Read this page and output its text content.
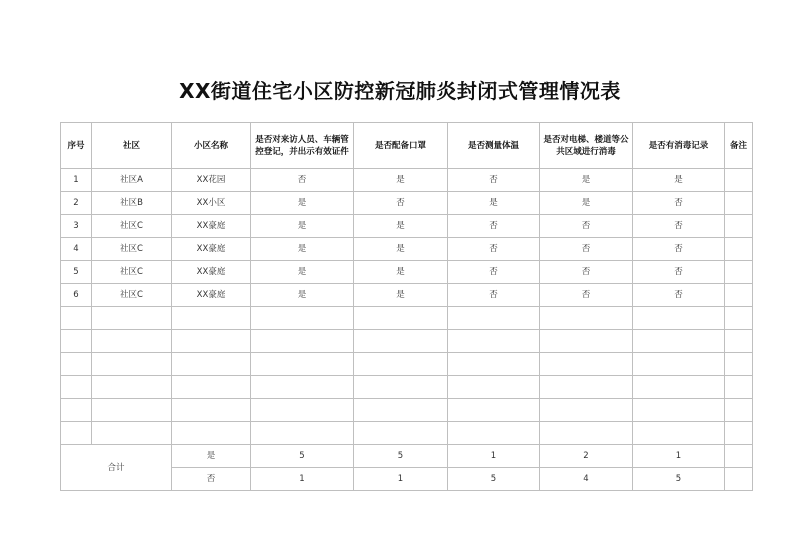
XX街道住宅小区防控新冠肺炎封闭式管理情况表
序号	社区	小区名称	是否对来访人员、车辆管控登记，并出示有效证件	是否配备口罩	是否测量体温	是否对电梯、楼道等公共区域进行消毒	是否有消毒记录	备注
1	社区A	XX花园	否	是	否	是	是	
2	社区B	XX小区	是	否	是	是	否	
3	社区C	XX豪庭	是	是	否	否	否	
4	社区C	XX豪庭	是	是	否	否	否	
5	社区C	XX豪庭	是	是	否	否	否	
6	社区C	XX豪庭	是	是	否	否	否	

合计		是	5	5	1	2	1	
		否	1	1	5	4	5	
